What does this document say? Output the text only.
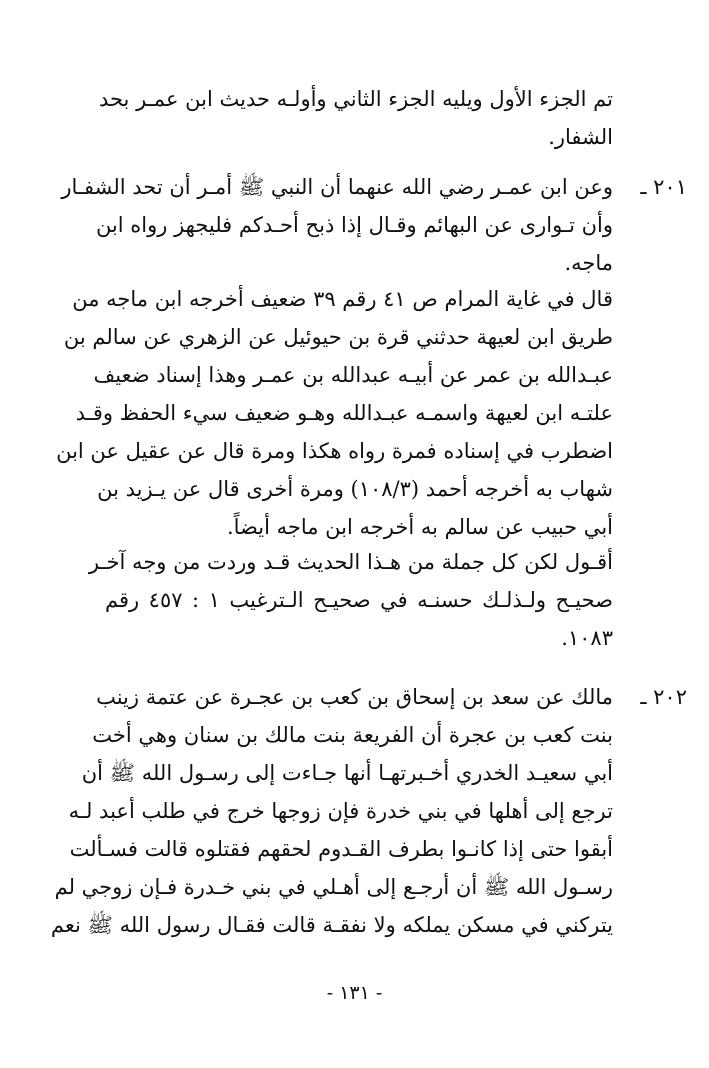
تم الجزء الأول ويليه الجزء الثاني وأولـه حديث ابن عمـر بحد
الشفار.
٢٠١ ـ
وعن ابن عمـر رضي الله عنهما أن النبي ﷺ أمـر أن تحد الشفـار
وأن تـوارى عن البهائم وقـال إذا ذبح أحـدكم فليجهز رواه ابن
ماجه.
قال في غاية المرام ص ٤١ رقم ٣٩ ضعيف أخرجه ابن ماجه من
طريق ابن لعيهة حدثني قرة بن حيوئيل عن الزهري عن سالم بن
عبـدالله بن عمر عن أبيـه عبدالله بن عمـر وهذا إسناد ضعيف
علتـه ابن لعيهة واسمـه عبـدالله وهـو ضعيف سيء الحفظ وقـد
اضطرب في إسناده فمرة رواه هكذا ومرة قال عن عقيل عن ابن
شهاب به أخرجه أحمد (١٠٨/٣) ومرة أخرى قال عن يـزيد بن
أبي حبيب عن سالم به أخرجه ابن ماجه أيضاً.
أقـول لكن كل جملة من هـذا الحديث قـد وردت من وجه آخـر
صحيـح ولـذلـك حسنـه في صحيـح الـترغيب ١ : ٤٥٧ رقم
١٠٨٣.
٢٠٢ ـ
مالك عن سعد بن إسحاق بن كعب بن عجـرة عن عتمة زينب
بنت كعب بن عجرة أن الفريعة بنت مالك بن سنان وهي أخت
أبي سعيـد الخدري أخـبرتهـا أنها جـاءت إلى رسـول الله ﷺ أن
ترجع إلى أهلها في بني خدرة فإن زوجها خرج في طلب أعبد لـه
أبقوا حتى إذا كانـوا بطرف القـدوم لحقهم فقتلوه قالت فسـألت
رسـول الله ﷺ أن أرجـع إلى أهـلي في بني خـدرة فـإن زوجي لم
يتركني في مسكن يملكه ولا نفقـة قالت فقـال رسول الله ﷺ نعم
- ١٣١ -
